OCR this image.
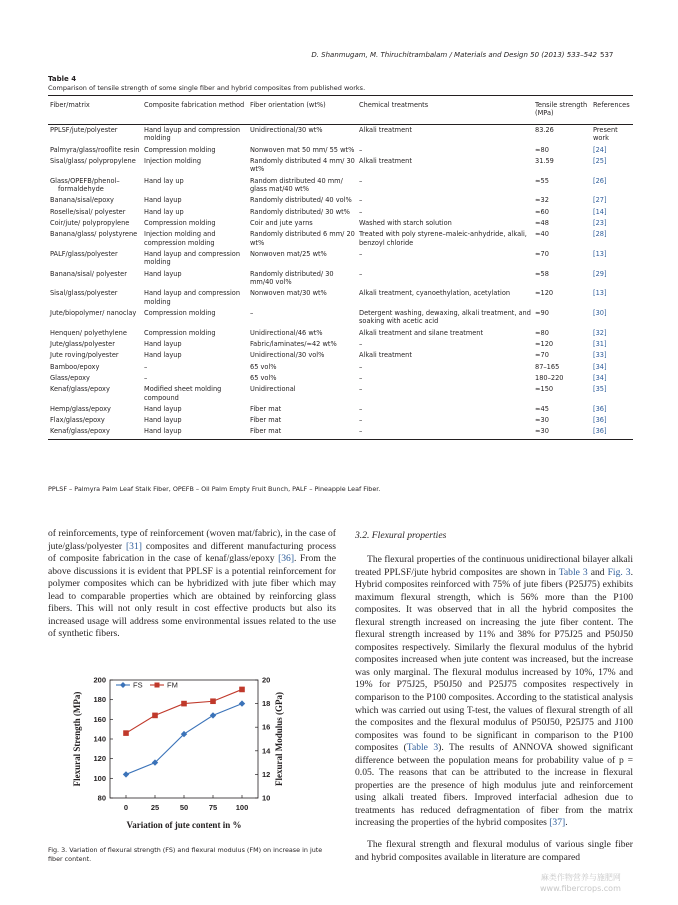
D. Shanmugam, M. Thiruchitrambalam / Materials and Design 50 (2013) 533–542 537
Table 4
Comparison of tensile strength of some single fiber and hybrid composites from published works.
Fiber/matrix	Composite fabrication method	Fiber orientation (wt%)	Chemical treatments	Tensile strength (MPa)	References
PPLSF/jute/polyester	Hand layup and compression molding	Unidirectional/30 wt%	Alkali treatment	83.26	Present work
Palmyra/glass/rooflite resin	Compression molding	Nonwoven mat 50 mm/ 55 wt%	–	≈80	[24]
Sisal/glass/ polypropylene	Injection molding	Randomly distributed 4 mm/ 30 wt%	Alkali treatment	31.59	[25]
Glass/OPEFB/phenol–formaldehyde	Hand lay up	Random distributed 40 mm/ glass mat/40 wt%	–	≈55	[26]
Banana/sisal/epoxy	Hand layup	Randomly distributed/ 40 vol%	–	≈32	[27]
Roselle/sisal/ polyester	Hand lay up	Randomly distributed/ 30 wt%	–	≈60	[14]
Coir/jute/ polypropylene	Compression molding	Coir and jute yarns	Washed with starch solution	≈48	[23]
Banana/glass/ polystyrene	Injection molding and compression molding	Randomly distributed 6 mm/ 20 wt%	Treated with poly styrene–maleic-anhydride, alkali, benzoyl chloride	≈40	[28]
PALF/glass/polyester	Hand layup and compression molding	Nonwoven mat/25 wt%	–	≈70	[13]
Banana/sisal/ polyester	Hand layup	Randomly distributed/ 30 mm/40 vol%	–	≈58	[29]
Sisal/glass/polyester	Hand layup and compression molding	Nonwoven mat/30 wt%	Alkali treatment, cyanoethylation, acetylation	≈120	[13]
Jute/biopolymer/ nanoclay	Compression molding	–	Detergent washing, dewaxing, alkali treatment, and soaking with acetic acid	≈90	[30]
Henquen/ polyethylene	Compression molding	Unidirectional/46 wt%	Alkali treatment and silane treatment	≈80	[32]
Jute/glass/polyester	Hand layup	Fabric/laminates/≈42 wt%	–	≈120	[31]
Jute roving/polyester	Hand layup	Unidirectional/30 vol%	Alkali treatment	≈70	[33]
Bamboo/epoxy	–	65 vol%	–	87–165	[34]
Glass/epoxy	–	65 vol%	–	180–220	[34]
Kenaf/glass/epoxy	Modified sheet molding compound	Unidirectional	–	≈150	[35]
Hemp/glass/epoxy	Hand layup	Fiber mat	–	≈45	[36]
Flax/glass/epoxy	Hand layup	Fiber mat	–	≈30	[36]
Kenaf/glass/epoxy	Hand layup	Fiber mat	–	≈30	[36]
PPLSF – Palmyra Palm Leaf Stalk Fiber, OPEFB – Oil Palm Empty Fruit Bunch, PALF – Pineapple Leaf Fiber.

of reinforcements, type of reinforcement (woven mat/fabric), in the case of jute/glass/polyester [31] composites and different manufacturing process of composite fabrication in the case of kenaf/glass/epoxy [36]. From the above discussions it is evident that PPLSF is a potential reinforcement for polymer composites which can be hybridized with jute fiber which may lead to comparable properties which are obtained by reinforcing glass fibers. This will not only result in cost effective products but also its increased usage will address some environmental issues related to the use of synthetic fibers.

3.2. Flexural properties

The flexural properties of the continuous unidirectional bilayer alkali treated PPLSF/jute hybrid composites are shown in Table 3 and Fig. 3. Hybrid composites reinforced with 75% of jute fibers (P25J75) exhibits maximum flexural strength, which is 56% more than the P100 composites. It was observed that in all the hybrid composites the flexural strength increased on increasing the jute fiber content. The flexural strength increased by 11% and 38% for P75J25 and P50J50 composites respectively. Similarly the flexural modulus of the hybrid composites increased when jute content was increased, but the increase was only marginal. The flexural modulus increased by 10%, 17% and 19% for P75J25, P50J50 and P25J75 composites respectively in comparison to the P100 composites. According to the statistical analysis which was carried out using T-test, the values of flexural strength of all the composites and the flexural modulus of P50J50, P25J75 and J100 composites was found to be significant in comparison to the P100 composites (Table 3). The results of ANNOVA showed significant difference between the population means for probability value of p = 0.05. The reasons that can be attributed to the increase in flexural properties are the presence of high modulus jute and reinforcement using alkali treated fibers. Improved interfacial adhesion due to treatments has reduced defragmentation of fiber from the matrix increasing the properties of the hybrid composites [37].

The flexural strength and flexural modulus of various single fiber and hybrid composites available in literature are compared

80
100
120
140
160
180
200
10
12
14
16
18
20
0	25	50	75 100
Variation of jute content in %
Flexural Strength (MPa)	Flexural Modulus (GPa)
FS	FM
Fig. 3. Variation of flexural strength (FS) and flexural modulus (FM) on increase in jute fiber content.
麻类作物营养与施肥网
www.fibercrops.com
